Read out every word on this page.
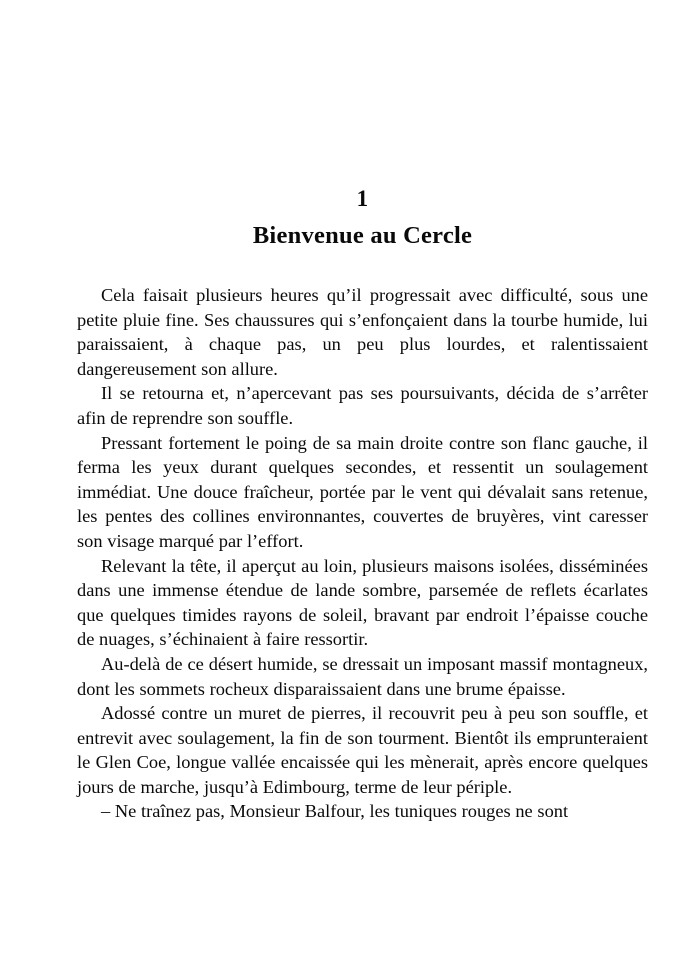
1
Bienvenue au Cercle

Cela faisait plusieurs heures qu’il progressait avec difficulté, sous une petite pluie fine. Ses chaussures qui s’enfonçaient dans la tourbe humide, lui paraissaient, à chaque pas, un peu plus lourdes, et ralentissaient dangereusement son allure.

Il se retourna et, n’apercevant pas ses poursuivants, décida de s’arrêter afin de reprendre son souffle.

Pressant fortement le poing de sa main droite contre son flanc gauche, il ferma les yeux durant quelques secondes, et ressentit un soulagement immédiat. Une douce fraîcheur, portée par le vent qui dévalait sans retenue, les pentes des collines environnantes, couvertes de bruyères, vint caresser son visage marqué par l’effort.

Relevant la tête, il aperçut au loin, plusieurs maisons isolées, disséminées dans une immense étendue de lande sombre, parsemée de reflets écarlates que quelques timides rayons de soleil, bravant par endroit l’épaisse couche de nuages, s’échinaient à faire ressortir.

Au-delà de ce désert humide, se dressait un imposant massif montagneux, dont les sommets rocheux disparaissaient dans une brume épaisse.

Adossé contre un muret de pierres, il recouvrit peu à peu son souffle, et entrevit avec soulagement, la fin de son tourment. Bientôt ils emprunteraient le Glen Coe, longue vallée encaissée qui les mènerait, après encore quelques jours de marche, jusqu’à Edimbourg, terme de leur périple.

– Ne traînez pas, Monsieur Balfour, les tuniques rouges ne sont
